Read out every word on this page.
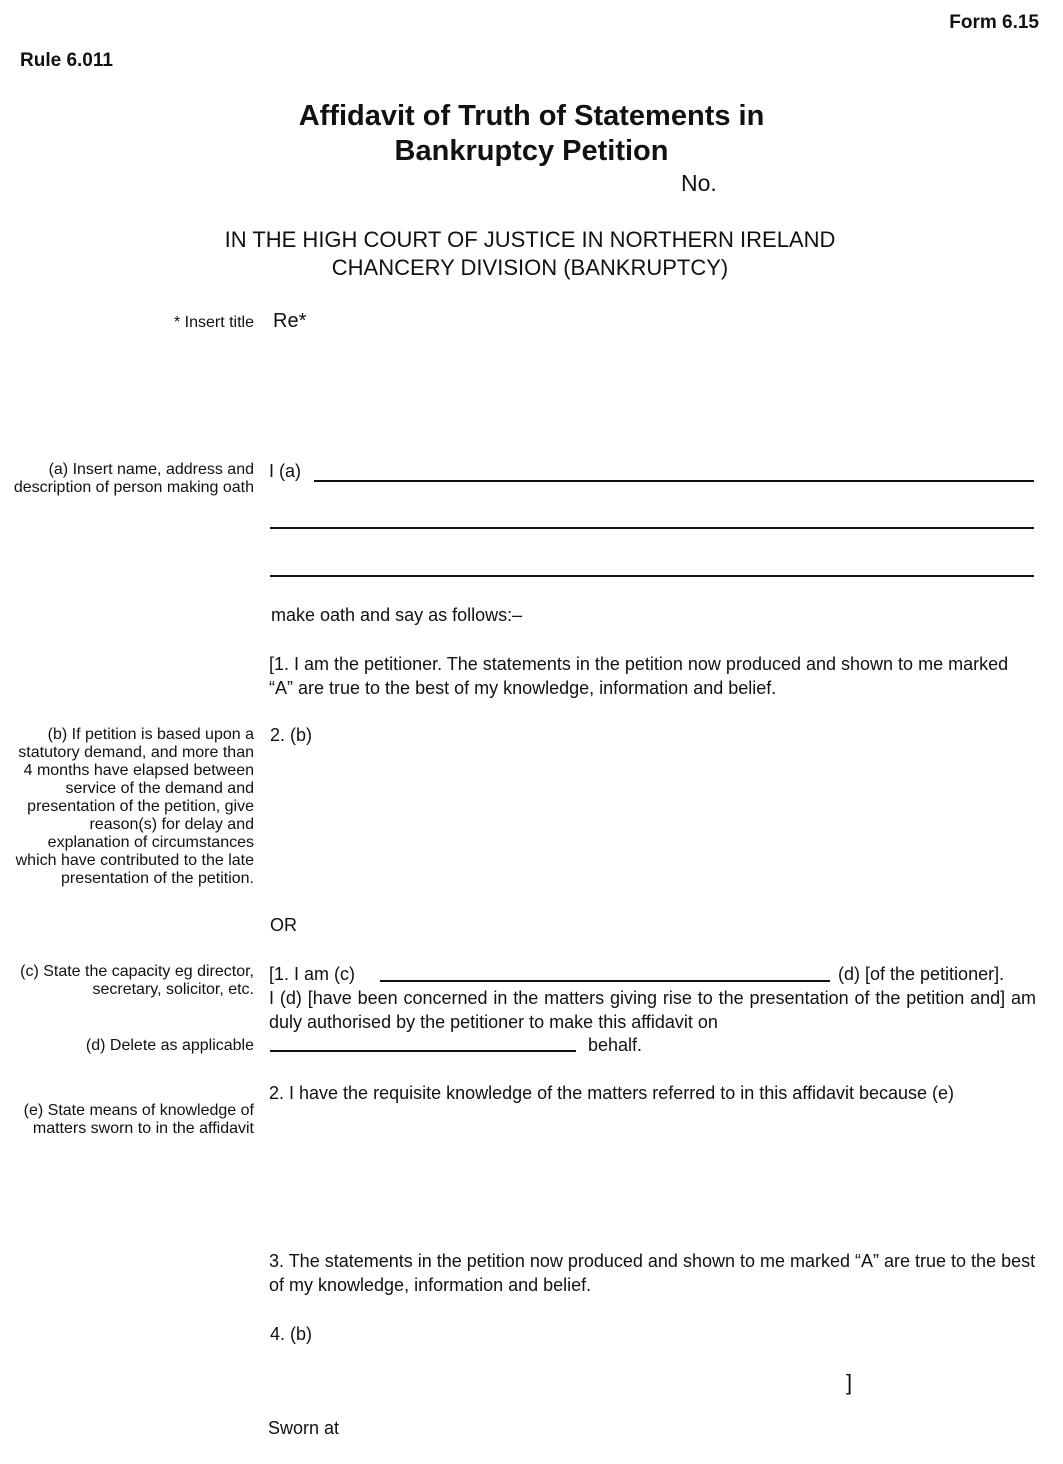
Form 6.15
Rule 6.011
Affidavit of Truth of Statements in
Bankruptcy Petition
No.
IN THE HIGH COURT OF JUSTICE IN NORTHERN IRELAND
CHANCERY DIVISION (BANKRUPTCY)
* Insert title Re*
(a) Insert name, address and description of person making oath
I (a)
make oath and say as follows:–
[1. I am the petitioner. The statements in the petition now produced and shown to me marked “A” are true to the best of my knowledge, information and belief.
(b) If petition is based upon a statutory demand, and more than 4 months have elapsed between service of the demand and presentation of the petition, give reason(s) for delay and explanation of circumstances which have contributed to the late presentation of the petition.
2. (b)
OR
(c) State the capacity eg director, secretary, solicitor, etc.
(d) Delete as applicable
[1. I am (c)	(d) [of the petitioner].
I (d) [have been concerned in the matters giving rise to the presentation of the petition and] am duly authorised by the petitioner to make this affidavit on
behalf.
(e) State means of knowledge of matters sworn to in the affidavit
2. I have the requisite knowledge of the matters referred to in this affidavit because (e)
3. The statements in the petition now produced and shown to me marked “A” are true to the best of my knowledge, information and belief.
4. (b)
]
Sworn at
